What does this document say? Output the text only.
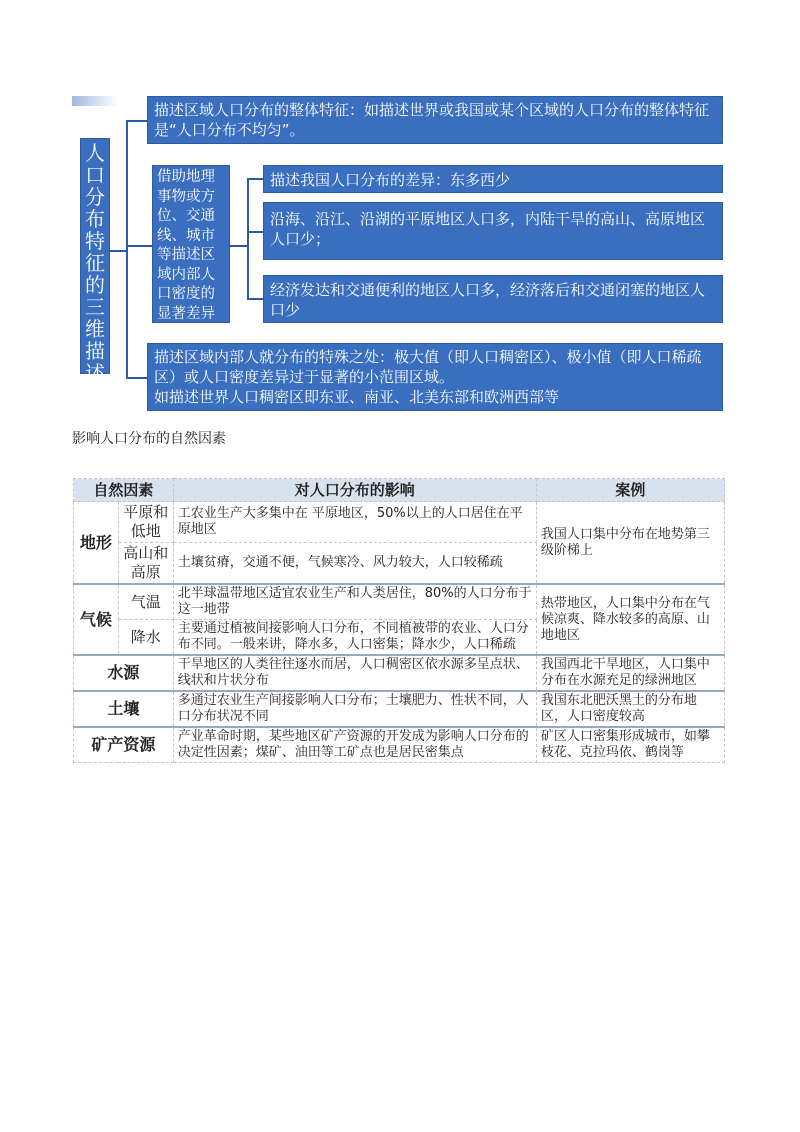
人口分布特征的三维描述
描述区域人口分布的整体特征：如描述世界或我国或某个区域的人口分布的整体特征是“人口分布不均匀”。
借助地理事物或方位、交通线、城市等描述区域内部人口密度的显著差异
描述我国人口分布的差异：东多西少
沿海、沿江、沿湖的平原地区人口多，内陆干旱的高山、高原地区人口少；
经济发达和交通便利的地区人口多，经济落后和交通闭塞的地区人口少
描述区域内部人就分布的特殊之处：极大值（即人口稠密区）、极小值（即人口稀疏区）或人口密度差异过于显著的小范围区域。
如描述世界人口稠密区即东亚、南亚、北美东部和欧洲西部等
影响人口分布的自然因素
自然因素		对人口分布的影响	案例
地形	平原和低地	工农业生产大多集中在 平原地区，50%以上的人口居住在平原地区	我国人口集中分布在地势第三级阶梯上
	高山和高原	土壤贫瘠，交通不便，气候寒冷、风力较大，人口较稀疏	
气候	气温	北半球温带地区适宜农业生产和人类居住，80%的人口分布于这一地带	热带地区，人口集中分布在气候凉爽、降水较多的高原、山地地区
	降水	主要通过植被间接影响人口分布，不同植被带的农业、人口分布不同。一般来讲，降水多，人口密集；降水少，人口稀疏	
水源		干旱地区的人类往往逐水而居，人口稠密区依水源多呈点状、线状和片状分布	我国西北干旱地区，人口集中分布在水源充足的绿洲地区
土壤		多通过农业生产间接影响人口分布；土壤肥力、性状不同，人口分布状况不同	我国东北肥沃黑土的分布地区，人口密度较高
矿产资源		产业革命时期，某些地区矿产资源的开发成为影响人口分布的决定性因素；煤矿、油田等工矿点也是居民密集点	矿区人口密集形成城市，如攀枝花、克拉玛依、鹤岗等
